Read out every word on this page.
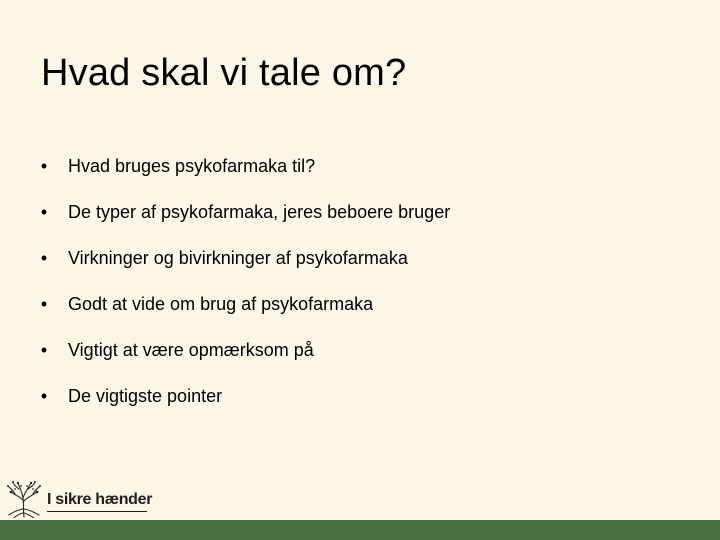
Hvad skal vi tale om?
• Hvad bruges psykofarmaka til?
• De typer af psykofarmaka, jeres beboere bruger
• Virkninger og bivirkninger af psykofarmaka
• Godt at vide om brug af psykofarmaka
• Vigtigt at være opmærksom på
• De vigtigste pointer
I sikre hænder
